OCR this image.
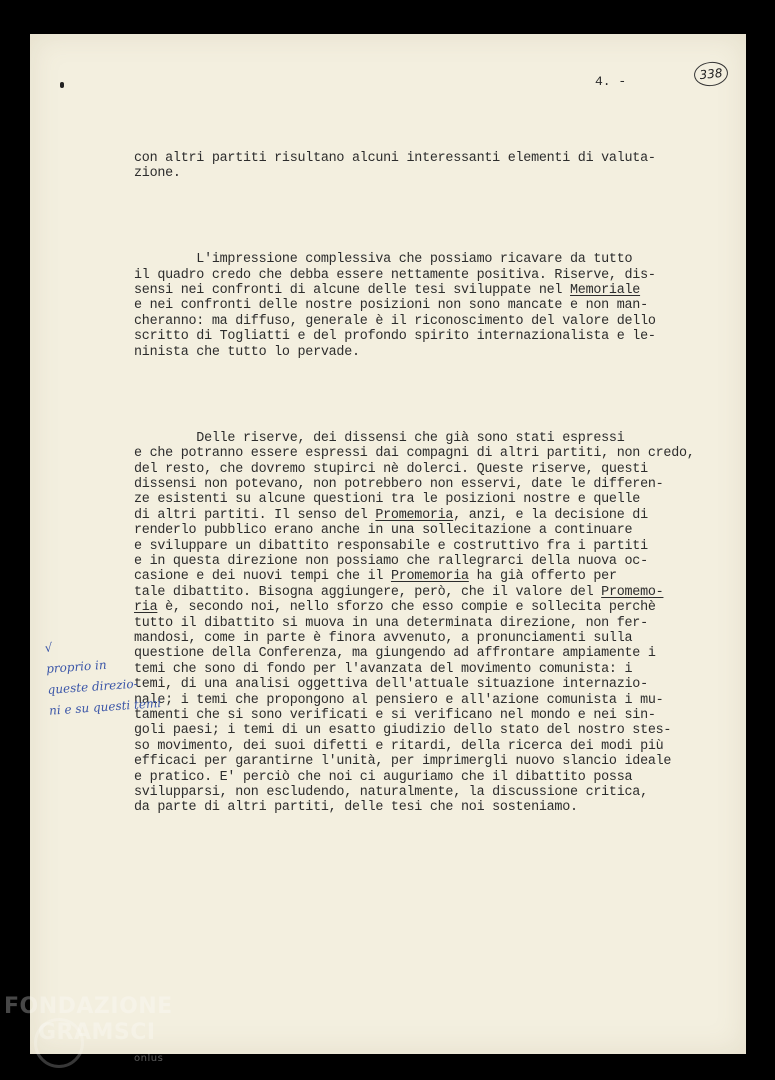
4. -	338

con altri partiti risultano alcuni interessanti elementi di valuta-
zione.

L'impressione complessiva che possiamo ricavare da tutto
il quadro credo che debba essere nettamente positiva. Riserve, dis-
sensi nei confronti di alcune delle tesi sviluppate nel Memoriale
e nei confronti delle nostre posizioni non sono mancate e non man-
cheranno: ma diffuso, generale è il riconoscimento del valore dello
scritto di Togliatti e del profondo spirito internazionalista e le-
ninista che tutto lo pervade.

Delle riserve, dei dissensi che già sono stati espressi
e che potranno essere espressi dai compagni di altri partiti, non credo,
del resto, che dovremo stupirci nè dolerci. Queste riserve, questi
dissensi non potevano, non potrebbero non esservi, date le differen-
ze esistenti su alcune questioni tra le posizioni nostre e quelle
di altri partiti. Il senso del Promemoria, anzi, e la decisione di
renderlo pubblico erano anche in una sollecitazione a continuare
e sviluppare un dibattito responsabile e costruttivo fra i partiti
e in questa direzione non possiamo che rallegrarci della nuova oc-
casione e dei nuovi tempi che il Promemoria ha già offerto per
tale dibattito. Bisogna aggiungere, però, che il valore del Promemo-
ria è, secondo noi, nello sforzo che esso compie e sollecita perchè
tutto il dibattito si muova in una determinata direzione, non fer-
mandosi, come in parte è finora avvenuto, a pronunciamenti sulla
questione della Conferenza, ma giungendo ad affrontare ampiamente i
temi che sono di fondo per l'avanzata del movimento comunista: i
temi, di una analisi oggettiva dell'attuale situazione internazio-
nale; i temi che propongono al pensiero e all'azione comunista i mu-
tamenti che si sono verificati e si verificano nel mondo e nei sin-
goli paesi; i temi di un esatto giudizio dello stato del nostro stes-
so movimento, dei suoi difetti e ritardi, della ricerca dei modi più
efficaci per garantirne l'unità, per imprimergli nuovo slancio ideale
e pratico. E' perciò che noi ci auguriamo che il dibattito possa
svilupparsi, non escludendo, naturalmente, la discussione critica,
da parte di altri partiti, delle tesi che noi sosteniamo.

√
proprio in
queste direzio-
ni e su questi temi
FONDAZIONE
GRAMSCI
onlus
